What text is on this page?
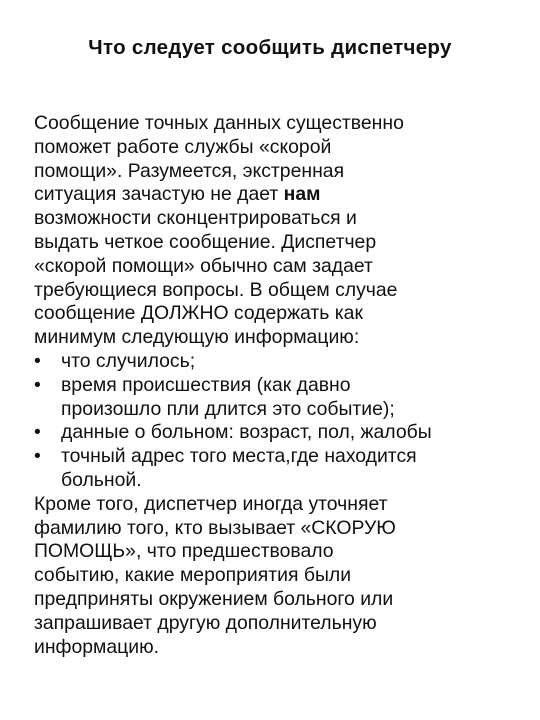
Что следует сообщить диспетчеру

Сообщение точных данных существенно
поможет работе службы «скорой
помощи». Разумеется, экстренная
ситуация зачастую не дает нам
возможности сконцентрироваться и
выдать четкое сообщение. Диспетчер
«скорой помощи» обычно сам задает
требующиеся вопросы. В общем случае
сообщение ДОЛЖНО содержать как
минимум следующую информацию:

•	что случилось;
•	время происшествия (как давно
произошло пли длится это событие);
•	данные о больном: возраст, пол, жалобы
•	точный адрес того места,где находится
больной.

Кроме того, диспетчер иногда уточняет
фамилию того, кто вызывает «СКОРУЮ
ПОМОЩЬ», что предшествовало
событию, какие мероприятия были
предприняты окружением больного или
запрашивает другую дополнительную
информацию.
